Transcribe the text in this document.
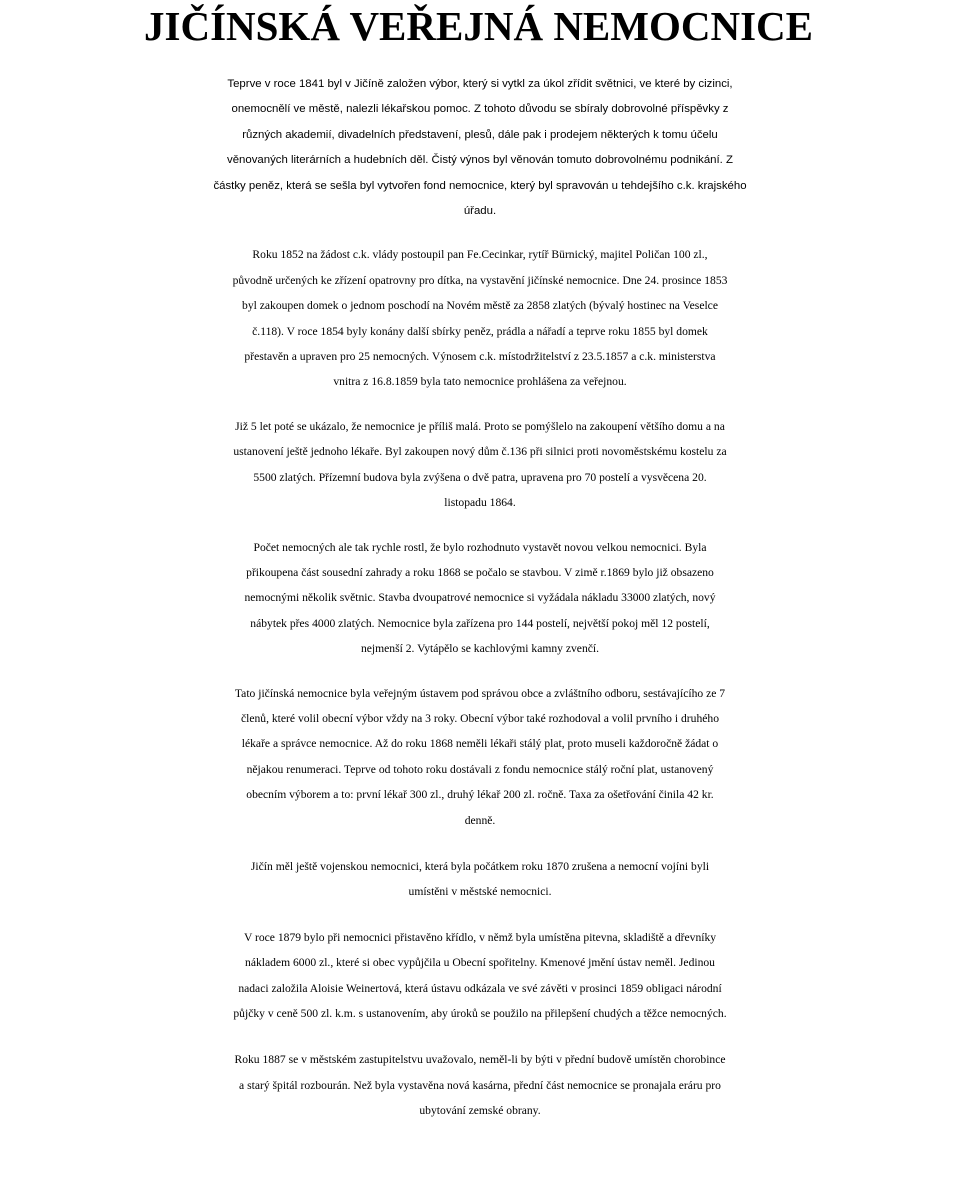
JIČÍNSKÁ VEŘEJNÁ NEMOCNICE

Teprve v roce 1841 byl v Jičíně založen výbor, který si vytkl za úkol zřídit světnici, ve které by cizinci,
onemocnělí ve městě, nalezli lékařskou pomoc. Z tohoto důvodu se sbíraly dobrovolné příspěvky z
různých akademií, divadelních představení, plesů, dále pak i prodejem některých k tomu účelu
věnovaných literárních a hudebních děl. Čistý výnos byl věnován tomuto dobrovolnému podnikání. Z
částky peněz, která se sešla byl vytvořen fond nemocnice, který byl spravován u tehdejšího c.k. krajského
úřadu.

Roku 1852 na žádost c.k. vlády postoupil pan Fe.Cecinkar, rytíř Bürnický, majitel Poličan 100 zl.,
původně určených ke zřízení opatrovny pro dítka, na vystavění jičínské nemocnice. Dne 24. prosince 1853
byl zakoupen domek o jednom poschodí na Novém městě za 2858 zlatých (bývalý hostinec na Veselce
č.118). V roce 1854 byly konány další sbírky peněz, prádla a nářadí a teprve roku 1855 byl domek
přestavěn a upraven pro 25 nemocných. Výnosem c.k. místodržitelství z 23.5.1857 a c.k. ministerstva
vnitra z 16.8.1859 byla tato nemocnice prohlášena za veřejnou.

Již 5 let poté se ukázalo, že nemocnice je příliš malá. Proto se pomýšlelo na zakoupení většího domu a na
ustanovení ještě jednoho lékaře. Byl zakoupen nový dům č.136 při silnici proti novoměstskému kostelu za
5500 zlatých. Přízemní budova byla zvýšena o dvě patra, upravena pro 70 postelí a vysvěcena 20.
listopadu 1864.

Počet nemocných ale tak rychle rostl, že bylo rozhodnuto vystavět novou velkou nemocnici. Byla
přikoupena část sousední zahrady a roku 1868 se počalo se stavbou. V zimě r.1869 bylo již obsazeno
nemocnými několik světnic. Stavba dvoupatrové nemocnice si vyžádala nákladu 33000 zlatých, nový
nábytek přes 4000 zlatých. Nemocnice byla zařízena pro 144 postelí, největší pokoj měl 12 postelí,
nejmenší 2. Vytápělo se kachlovými kamny zvenčí.

Tato jičínská nemocnice byla veřejným ústavem pod správou obce a zvláštního odboru, sestávajícího ze 7
členů, které volil obecní výbor vždy na 3 roky. Obecní výbor také rozhodoval a volil prvního i druhého
lékaře a správce nemocnice. Až do roku 1868 neměli lékaři stálý plat, proto museli každoročně žádat o
nějakou renumeraci. Teprve od tohoto roku dostávali z fondu nemocnice stálý roční plat, ustanovený
obecním výborem a to: první lékař 300 zl., druhý lékař 200 zl. ročně. Taxa za ošetřování činila 42 kr.
denně.

Jičín měl ještě vojenskou nemocnici, která byla počátkem roku 1870 zrušena a nemocní vojíni byli
umístěni v městské nemocnici.

V roce 1879 bylo při nemocnici přistavěno křídlo, v němž byla umístěna pitevna, skladiště a dřevníky
nákladem 6000 zl., které si obec vypůjčila u Obecní spořitelny. Kmenové jmění ústav neměl. Jedinou
nadaci založila Aloisie Weinertová, která ústavu odkázala ve své závěti v prosinci 1859 obligaci národní
půjčky v ceně 500 zl. k.m. s ustanovením, aby úroků se použilo na přilepšení chudých a těžce nemocných.

Roku 1887 se v městském zastupitelstvu uvažovalo, neměl-li by býti v přední budově umístěn chorobince
a starý špitál rozbourán. Než byla vystavěna nová kasárna, přední část nemocnice se pronajala eráru pro
ubytování zemské obrany.
